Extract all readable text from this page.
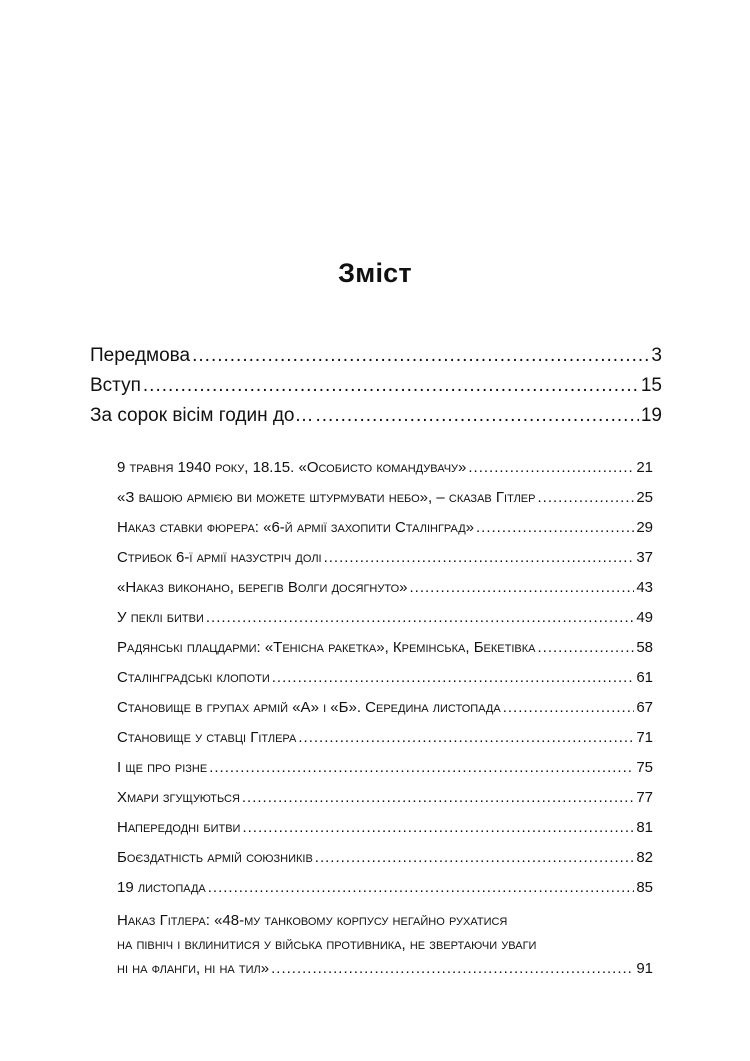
Зміст
Передмова .....	3
Вступ .....	15
За сорок вісім годин до… .....	19
9 травня 1940 року, 18.15. «Особисто командувачу» .....	21
«З вашою армією ви можете штурмувати небо», – сказав Гітлер .....	25
Наказ ставки фюрера: «6-й армії захопити Сталінград» .....	29
Стрибок 6-ї армії назустріч долі .....	37
«Наказ виконано, берегів Волги досягнуто» .....	43
У пеклі битви .....	49
Радянські плацдарми: «Тенісна ракетка», Кремінська, Бекетівка .....	58
Сталінградські клопоти .....	61
Становище в групах армій «А» і «Б». Середина листопада .....	67
Становище у ставці Гітлера .....	71
І ще про різне .....	75
Хмари згущуються .....	77
Напередодні битви .....	81
Боєздатність армій союзників .....	82
19 листопада .....	85
Наказ Гітлера: «48-му танковому корпусу негайно рухатися
на північ і вклинитися у війська противника, не звертаючи уваги
ні на фланги, ні на тил» .....	91
